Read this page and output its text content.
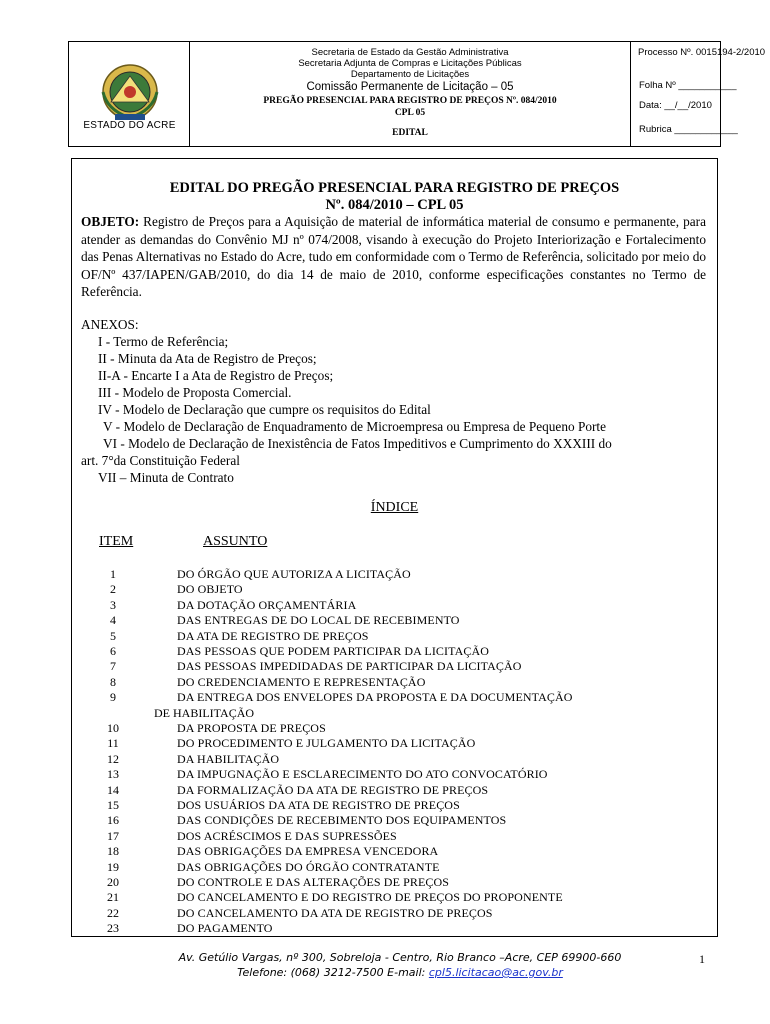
ESTADO DO ACRE
Secretaria de Estado da Gestão Administrativa
Secretaria Adjunta de Compras e Licitações Públicas
Departamento de Licitações
Comissão Permanente de Licitação – 05
PREGÃO PRESENCIAL PARA REGISTRO DE PREÇOS Nº. 084/2010
CPL 05
EDITAL
Processo Nº. 0015194-2/2010
Folha Nº ___________
Data: __/__/2010
Rubrica ____________
EDITAL DO PREGÃO PRESENCIAL PARA REGISTRO DE PREÇOS
Nº. 084/2010 – CPL 05
OBJETO: Registro de Preços para a Aquisição de material de informática material de consumo e permanente, para atender as demandas do Convênio MJ nº 074/2008, visando à execução do Projeto Interiorização e Fortalecimento das Penas Alternativas no Estado do Acre, tudo em conformidade com o Termo de Referência, solicitado por meio do OF/Nº 437/IAPEN/GAB/2010, do dia 14 de maio de 2010, conforme especificações constantes no Termo de Referência.
ANEXOS:
I - Termo de Referência;
II - Minuta da Ata de Registro de Preços;
II-A - Encarte I a Ata de Registro de Preços;
III - Modelo de Proposta Comercial.
IV - Modelo de Declaração que cumpre os requisitos do Edital
V - Modelo de Declaração de Enquadramento de Microempresa ou Empresa de Pequeno Porte
VI - Modelo de Declaração de Inexistência de Fatos Impeditivos e Cumprimento do XXXIII do
art. 7°da Constituição Federal
VII – Minuta de Contrato
ÍNDICE
ITEM	ASSUNTO
1	DO ÓRGÃO QUE AUTORIZA A LICITAÇÃO
2	DO OBJETO
3	DA DOTAÇÃO ORÇAMENTÁRIA
4	DAS ENTREGAS DE DO LOCAL DE RECEBIMENTO
5	DA ATA DE REGISTRO DE PREÇOS
6	DAS PESSOAS QUE PODEM PARTICIPAR DA LICITAÇÃO
7	DAS PESSOAS IMPEDIDADAS DE PARTICIPAR DA LICITAÇÃO
8	DO CREDENCIAMENTO E REPRESENTAÇÃO
9	DA ENTREGA DOS ENVELOPES DA PROPOSTA E DA DOCUMENTAÇÃO
DE HABILITAÇÃO
10	DA PROPOSTA DE PREÇOS
11	DO PROCEDIMENTO E JULGAMENTO DA LICITAÇÃO
12	DA HABILITAÇÃO
13	DA IMPUGNAÇÃO E ESCLARECIMENTO DO ATO CONVOCATÓRIO
14	DA FORMALIZAÇÃO DA ATA DE REGISTRO DE PREÇOS
15	DOS USUÁRIOS DA ATA DE REGISTRO DE PREÇOS
16	DAS CONDIÇÕES DE RECEBIMENTO DOS EQUIPAMENTOS
17	DOS ACRÉSCIMOS E DAS SUPRESSÕES
18	DAS OBRIGAÇÕES DA EMPRESA VENCEDORA
19	DAS OBRIGAÇÕES DO ÓRGÃO CONTRATANTE
20	DO CONTROLE E DAS ALTERAÇÕES DE PREÇOS
21	DO CANCELAMENTO E DO REGISTRO DE PREÇOS DO PROPONENTE
22	DO CANCELAMENTO DA ATA DE REGISTRO DE PREÇOS
23	DO PAGAMENTO
Av. Getúlio Vargas, nº 300, Sobreloja - Centro, Rio Branco –Acre, CEP 69900-660
Telefone: (068) 3212-7500 E-mail: cpl5.licitacao@ac.gov.br
1
